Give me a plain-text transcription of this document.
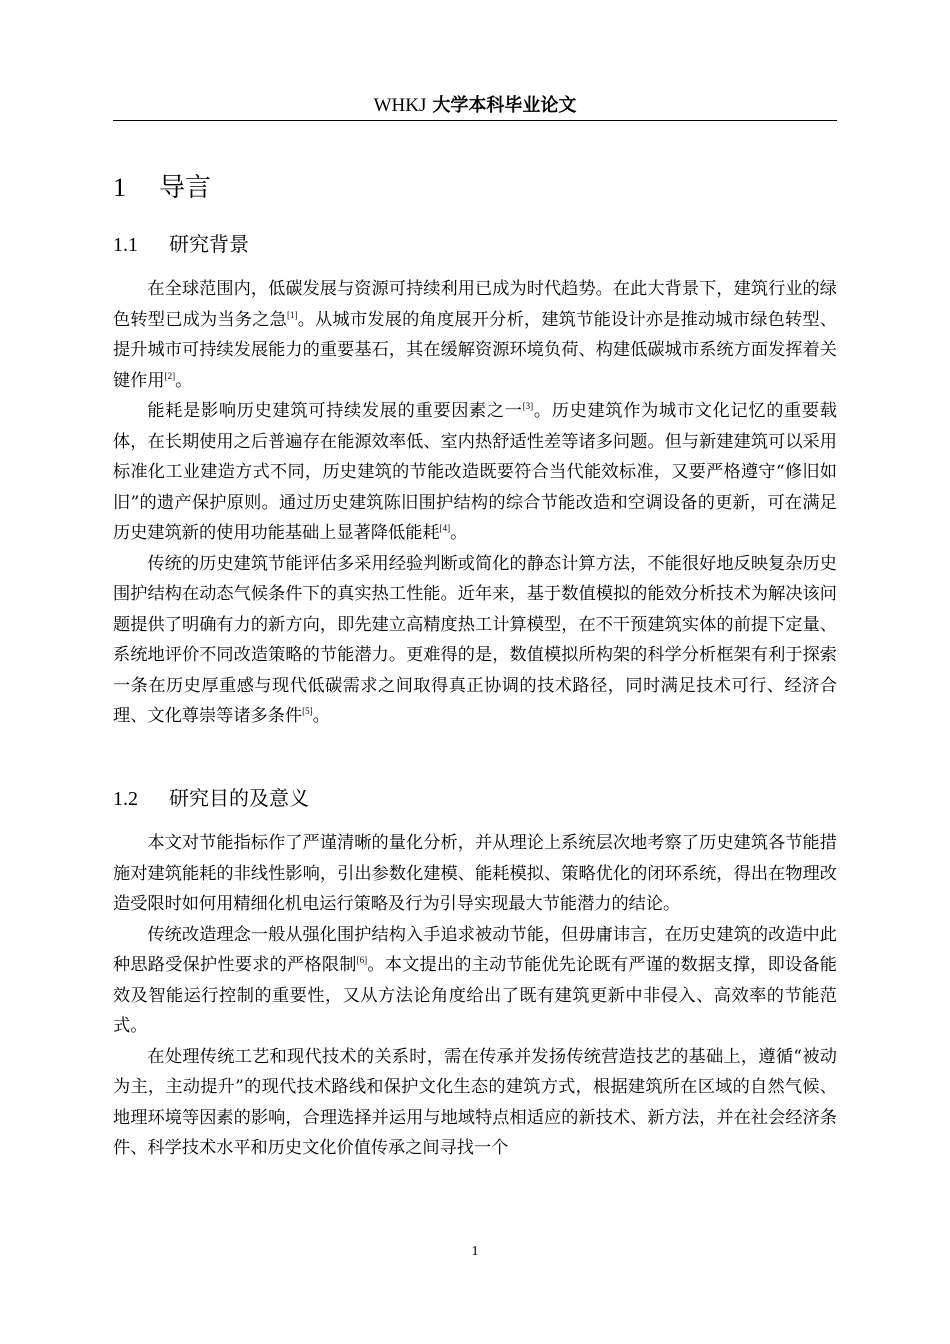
WHKJ 大学本科毕业论文
1 导言
1.1 研究背景

在全球范围内，低碳发展与资源可持续利用已成为时代趋势。在此大背景下，建筑行业的绿色转型已成为当务之急[1]。从城市发展的角度展开分析，建筑节能设计亦是推动城市绿色转型、提升城市可持续发展能力的重要基石，其在缓解资源环境负荷、构建低碳城市系统方面发挥着关键作用[2]。

能耗是影响历史建筑可持续发展的重要因素之一[3]。历史建筑作为城市文化记忆的重要载体，在长期使用之后普遍存在能源效率低、室内热舒适性差等诸多问题。但与新建建筑可以采用标准化工业建造方式不同，历史建筑的节能改造既要符合当代能效标准，又要严格遵守“修旧如旧”的遗产保护原则。通过历史建筑陈旧围护结构的综合节能改造和空调设备的更新，可在满足历史建筑新的使用功能基础上显著降低能耗[4]。

传统的历史建筑节能评估多采用经验判断或简化的静态计算方法，不能很好地反映复杂历史围护结构在动态气候条件下的真实热工性能。近年来，基于数值模拟的能效分析技术为解决该问题提供了明确有力的新方向，即先建立高精度热工计算模型，在不干预建筑实体的前提下定量、系统地评价不同改造策略的节能潜力。更难得的是，数值模拟所构架的科学分析框架有利于探索一条在历史厚重感与现代低碳需求之间取得真正协调的技术路径，同时满足技术可行、经济合理、文化尊崇等诸多条件[5]。

1.2 研究目的及意义

本文对节能指标作了严谨清晰的量化分析，并从理论上系统层次地考察了历史建筑各节能措施对建筑能耗的非线性影响，引出参数化建模、能耗模拟、策略优化的闭环系统，得出在物理改造受限时如何用精细化机电运行策略及行为引导实现最大节能潜力的结论。

传统改造理念一般从强化围护结构入手追求被动节能，但毋庸讳言，在历史建筑的改造中此种思路受保护性要求的严格限制[6]。本文提出的主动节能优先论既有严谨的数据支撑，即设备能效及智能运行控制的重要性，又从方法论角度给出了既有建筑更新中非侵入、高效率的节能范式。

在处理传统工艺和现代技术的关系时，需在传承并发扬传统营造技艺的基础上，遵循“被动为主，主动提升”的现代技术路线和保护文化生态的建筑方式，根据建筑所在区域的自然气候、地理环境等因素的影响，合理选择并运用与地域特点相适应的新技术、新方法，并在社会经济条件、科学技术水平和历史文化价值传承之间寻找一个

1
